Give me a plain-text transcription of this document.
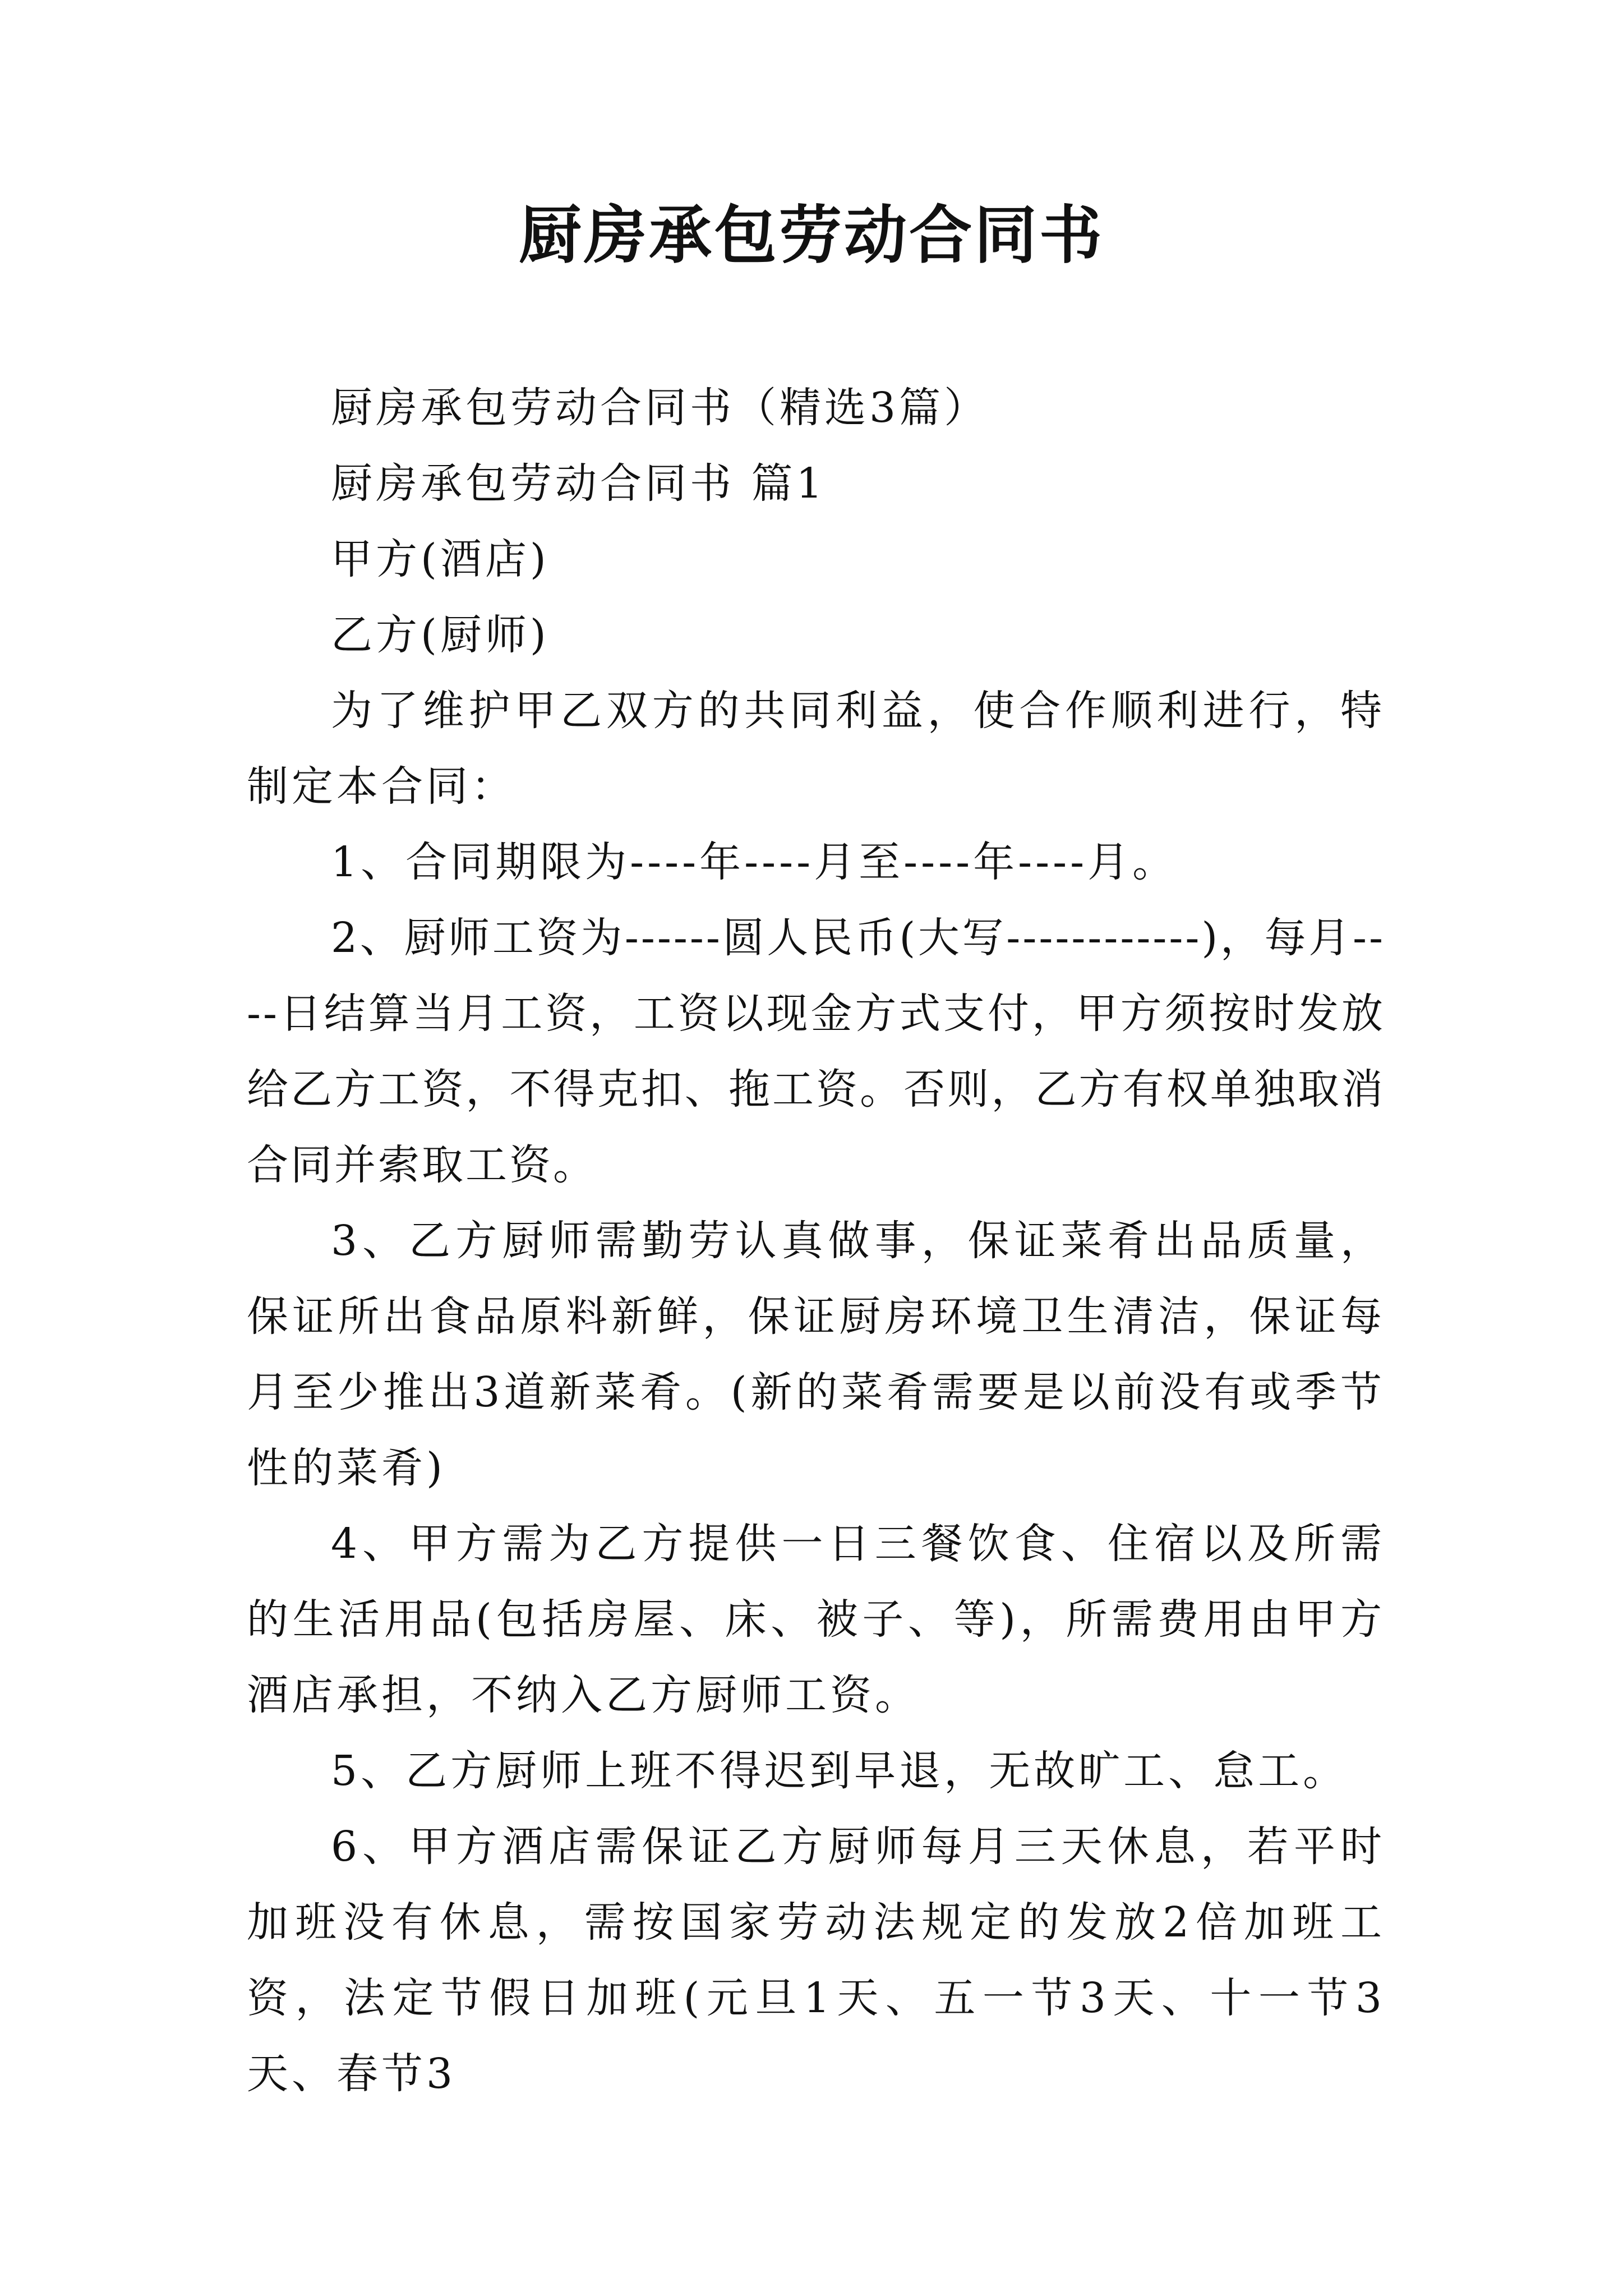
厨房承包劳动合同书

厨房承包劳动合同书（精选3篇）

厨房承包劳动合同书 篇1

甲方(酒店)

乙方(厨师)

为了维护甲乙双方的共同利益，使合作顺利进行，特制定本合同：

1、合同期限为----年----月至----年----月。

2、厨师工资为------圆人民币(大写------------)，每月----日结算当月工资，工资以现金方式支付，甲方须按时发放给乙方工资，不得克扣、拖工资。否则，乙方有权单独取消合同并索取工资。

3、乙方厨师需勤劳认真做事，保证菜肴出品质量，保证所出食品原料新鲜，保证厨房环境卫生清洁，保证每月至少推出3道新菜肴。(新的菜肴需要是以前没有或季节性的菜肴)

4、甲方需为乙方提供一日三餐饮食、住宿以及所需的生活用品(包括房屋、床、被子、等)，所需费用由甲方酒店承担，不纳入乙方厨师工资。

5、乙方厨师上班不得迟到早退，无故旷工、怠工。

6、甲方酒店需保证乙方厨师每月三天休息，若平时加班没有休息，需按国家劳动法规定的发放2倍加班工资，法定节假日加班(元旦1天、五一节3天、十一节3天、春节3
